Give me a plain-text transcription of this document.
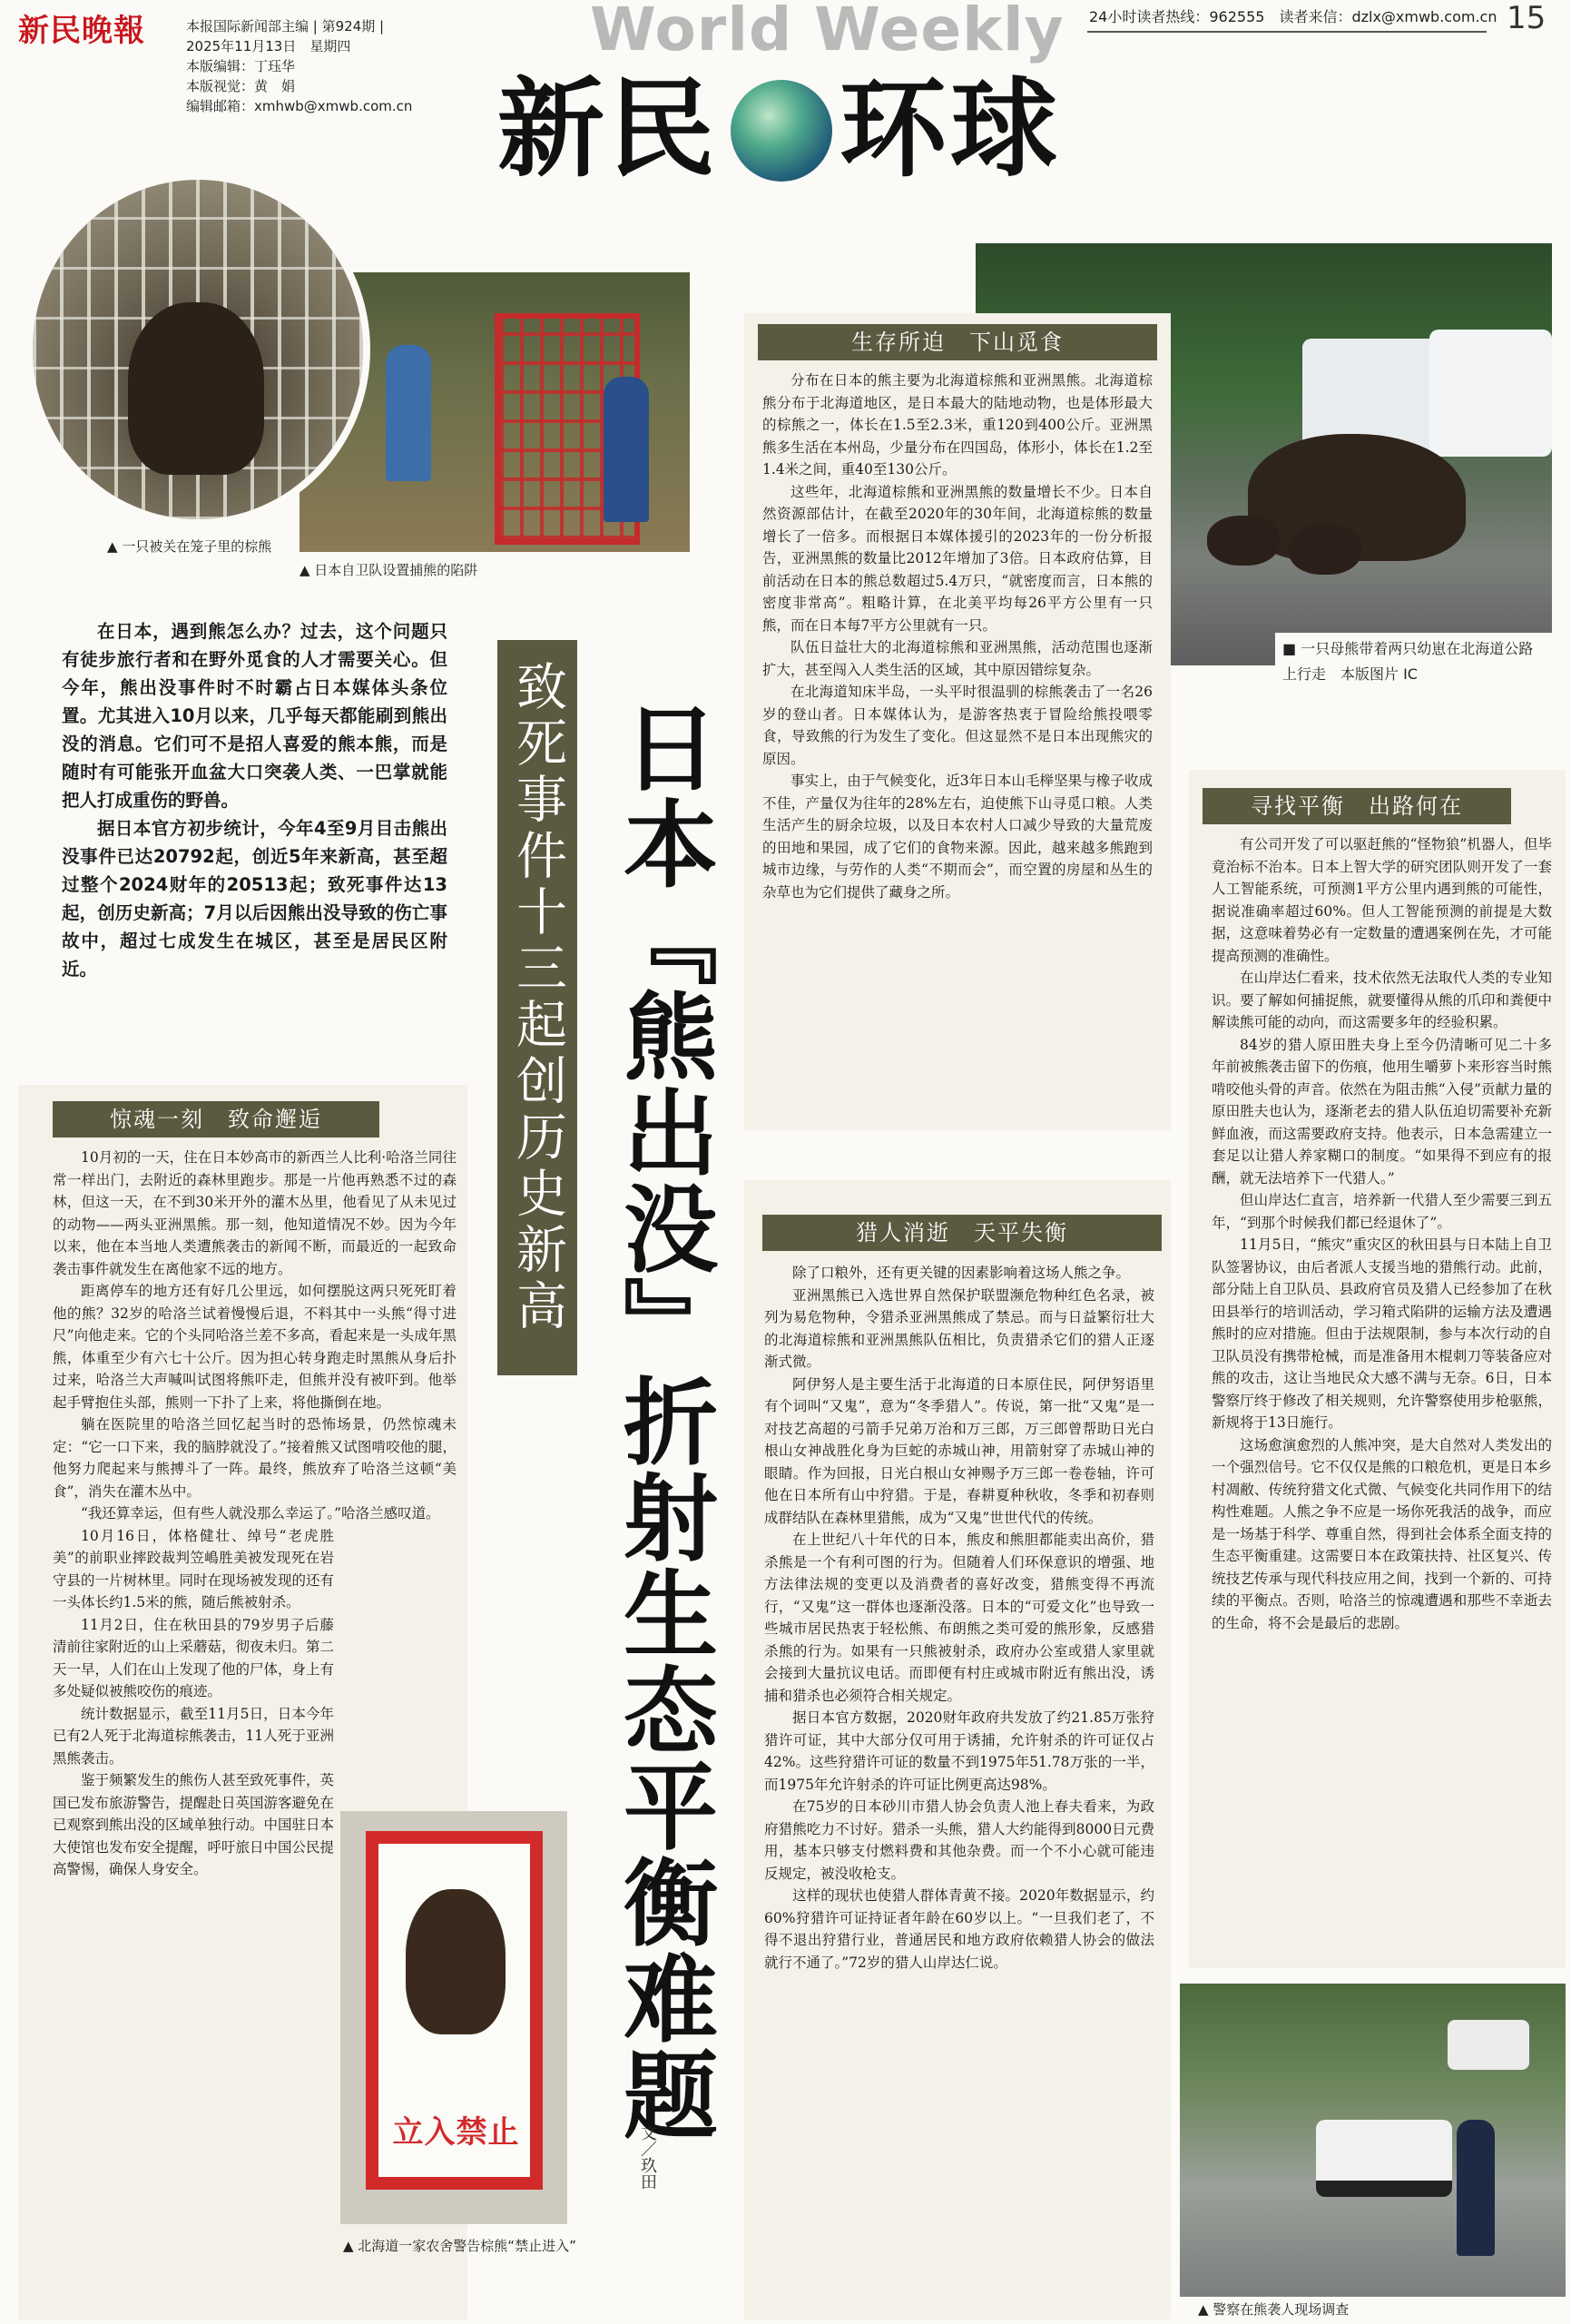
新民晚報	本报国际新闻部主编 | 第924期 |
2025年11月13日　星期四
本版编辑：丁珏华
本版视觉：黄　娟
编辑邮箱：xmhwb@xmwb.com.cn
World Weekly 24小时读者热线：962555　读者来信：dzlx@xmwb.com.cn 15
新民 环球
▲ 一只被关在笼子里的棕熊
▲ 日本自卫队设置捕熊的陷阱
■ 一只母熊带着两只幼崽在北海道公路上行走　本版图片 IC

在日本，遇到熊怎么办？过去，这个问题只有徒步旅行者和在野外觅食的人才需要关心。但今年，熊出没事件时不时霸占日本媒体头条位置。尤其进入10月以来，几乎每天都能刷到熊出没的消息。它们可不是招人喜爱的熊本熊，而是随时有可能张开血盆大口突袭人类、一巴掌就能把人打成重伤的野兽。

据日本官方初步统计，今年4至9月目击熊出没事件已达20792起，创近5年来新高，甚至超过整个2024财年的20513起；致死事件达13起，创历史新高；7月以后因熊出没导致的伤亡事故中，超过七成发生在城区，甚至是居民区附近。	致死事件十三起创历史新高 日本『熊出没』折射生态平衡难题
文／玖田
生存所迫　下山觅食

分布在日本的熊主要为北海道棕熊和亚洲黑熊。北海道棕熊分布于北海道地区，是日本最大的陆地动物，也是体形最大的棕熊之一，体长在1.5至2.3米，重120到400公斤。亚洲黑熊多生活在本州岛，少量分布在四国岛，体形小，体长在1.2至1.4米之间，重40至130公斤。

这些年，北海道棕熊和亚洲黑熊的数量增长不少。日本自然资源部估计，在截至2020年的30年间，北海道棕熊的数量增长了一倍多。而根据日本媒体援引的2023年的一份分析报告，亚洲黑熊的数量比2012年增加了3倍。日本政府估算，目前活动在日本的熊总数超过5.4万只，“就密度而言，日本熊的密度非常高”。粗略计算，在北美平均每26平方公里有一只熊，而在日本每7平方公里就有一只。

队伍日益壮大的北海道棕熊和亚洲黑熊，活动范围也逐渐扩大，甚至闯入人类生活的区域，其中原因错综复杂。

在北海道知床半岛，一头平时很温驯的棕熊袭击了一名26岁的登山者。日本媒体认为，是游客热衷于冒险给熊投喂零食，导致熊的行为发生了变化。但这显然不是日本出现熊灾的原因。

事实上，由于气候变化，近3年日本山毛榉坚果与橡子收成不佳，产量仅为往年的28%左右，迫使熊下山寻觅口粮。人类生活产生的厨余垃圾，以及日本农村人口减少导致的大量荒废的田地和果园，成了它们的食物来源。因此，越来越多熊跑到城市边缘，与劳作的人类“不期而会”，而空置的房屋和丛生的杂草也为它们提供了藏身之所。

惊魂一刻　致命邂逅

10月初的一天，住在日本妙高市的新西兰人比利·哈洛兰同往常一样出门，去附近的森林里跑步。那是一片他再熟悉不过的森林，但这一天，在不到30米开外的灌木丛里，他看见了从未见过的动物——两头亚洲黑熊。那一刻，他知道情况不妙。因为今年以来，他在本当地人类遭熊袭击的新闻不断，而最近的一起致命袭击事件就发生在离他家不远的地方。

距离停车的地方还有好几公里远，如何摆脱这两只死死盯着他的熊？32岁的哈洛兰试着慢慢后退，不料其中一头熊“得寸进尺”向他走来。它的个头同哈洛兰差不多高，看起来是一头成年黑熊，体重至少有六七十公斤。因为担心转身跑走时黑熊从身后扑过来，哈洛兰大声喊叫试图将熊吓走，但熊并没有被吓到。他举起手臂抱住头部，熊则一下扑了上来，将他撕倒在地。

躺在医院里的哈洛兰回忆起当时的恐怖场景，仍然惊魂未定：“它一口下来，我的脑脖就没了。”接着熊又试图啃咬他的腿，他努力爬起来与熊搏斗了一阵。最终，熊放弃了哈洛兰这顿“美食”，消失在灌木丛中。

“我还算幸运，但有些人就没那么幸运了。”哈洛兰感叹道。

10月16日，体格健壮、绰号“老虎胜美”的前职业摔跤裁判笠嶋胜美被发现死在岩守县的一片树林里。同时在现场被发现的还有一头体长约1.5米的熊，随后熊被射杀。

11月2日，住在秋田县的79岁男子后藤清前往家附近的山上采蘑菇，彻夜未归。第二天一早，人们在山上发现了他的尸体，身上有多处疑似被熊咬伤的痕迹。

统计数据显示，截至11月5日，日本今年已有2人死于北海道棕熊袭击，11人死于亚洲黑熊袭击。

鉴于频繁发生的熊伤人甚至致死事件，英国已发布旅游警告，提醒赴日英国游客避免在已观察到熊出没的区域单独行动。中国驻日本大使馆也发布安全提醒，呼吁旅日中国公民提高警惕，确保人身安全。

立入禁止
▲ 北海道一家农舍警告棕熊“禁止进入”
猎人消逝　天平失衡

除了口粮外，还有更关键的因素影响着这场人熊之争。

亚洲黑熊已入选世界自然保护联盟濒危物种红色名录，被列为易危物种，令猎杀亚洲黑熊成了禁忌。而与日益繁衍壮大的北海道棕熊和亚洲黑熊队伍相比，负责猎杀它们的猎人正逐渐式微。

阿伊努人是主要生活于北海道的日本原住民，阿伊努语里有个词叫“又鬼”，意为“冬季猎人”。传说，第一批“又鬼”是一对技艺高超的弓箭手兄弟万治和万三郎，万三郎曾帮助日光白根山女神战胜化身为巨蛇的赤城山神，用箭射穿了赤城山神的眼睛。作为回报，日光白根山女神赐予万三郎一卷卷轴，许可他在日本所有山中狩猎。于是，春耕夏种秋收，冬季和初春则成群结队在森林里猎熊，成为“又鬼”世世代代的传统。

在上世纪八十年代的日本，熊皮和熊胆都能卖出高价，猎杀熊是一个有利可图的行为。但随着人们环保意识的增强、地方法律法规的变更以及消费者的喜好改变，猎熊变得不再流行，“又鬼”这一群体也逐渐没落。日本的“可爱文化”也导致一些城市居民热衷于轻松熊、布朗熊之类可爱的熊形象，反感猎杀熊的行为。如果有一只熊被射杀，政府办公室或猎人家里就会接到大量抗议电话。而即便有村庄或城市附近有熊出没，诱捕和猎杀也必须符合相关规定。

据日本官方数据，2020财年政府共发放了约21.85万张狩猎许可证，其中大部分仅可用于诱捕，允许射杀的许可证仅占42%。这些狩猎许可证的数量不到1975年51.78万张的一半，而1975年允许射杀的许可证比例更高达98%。

在75岁的日本砂川市猎人协会负责人池上春夫看来，为政府猎熊吃力不讨好。猎杀一头熊，猎人大约能得到8000日元费用，基本只够支付燃料费和其他杂费。而一个不小心就可能违反规定，被没收枪支。

这样的现状也使猎人群体青黄不接。2020年数据显示，约60%狩猎许可证持证者年龄在60岁以上。“一旦我们老了，不得不退出狩猎行业，普通居民和地方政府依赖猎人协会的做法就行不通了。”72岁的猎人山岸达仁说。

寻找平衡　出路何在

有公司开发了可以驱赶熊的“怪物狼”机器人，但毕竟治标不治本。日本上智大学的研究团队则开发了一套人工智能系统，可预测1平方公里内遇到熊的可能性，据说准确率超过60%。但人工智能预测的前提是大数据，这意味着势必有一定数量的遭遇案例在先，才可能提高预测的准确性。

在山岸达仁看来，技术依然无法取代人类的专业知识。要了解如何捕捉熊，就要懂得从熊的爪印和粪便中解读熊可能的动向，而这需要多年的经验积累。

84岁的猎人原田胜夫身上至今仍清晰可见二十多年前被熊袭击留下的伤痕，他用生嚼萝卜来形容当时熊啃咬他头骨的声音。依然在为阻击熊“入侵”贡献力量的原田胜夫也认为，逐渐老去的猎人队伍迫切需要补充新鲜血液，而这需要政府支持。他表示，日本急需建立一套足以让猎人养家糊口的制度。“如果得不到应有的报酬，就无法培养下一代猎人。”

但山岸达仁直言，培养新一代猎人至少需要三到五年，“到那个时候我们都已经退休了”。

11月5日，“熊灾”重灾区的秋田县与日本陆上自卫队签署协议，由后者派人支援当地的猎熊行动。此前，部分陆上自卫队员、县政府官员及猎人已经参加了在秋田县举行的培训活动，学习箱式陷阱的运输方法及遭遇熊时的应对措施。但由于法规限制，参与本次行动的自卫队员没有携带枪械，而是准备用木棍刺刀等装备应对熊的攻击，这让当地民众大感不满与无奈。6日，日本警察厅终于修改了相关规则，允许警察使用步枪驱熊，新规将于13日施行。

这场愈演愈烈的人熊冲突，是大自然对人类发出的一个强烈信号。它不仅仅是熊的口粮危机，更是日本乡村凋敝、传统狩猎文化式微、气候变化共同作用下的结构性难题。人熊之争不应是一场你死我活的战争，而应是一场基于科学、尊重自然，得到社会体系全面支持的生态平衡重建。这需要日本在政策扶持、社区复兴、传统技艺传承与现代科技应用之间，找到一个新的、可持续的平衡点。否则，哈洛兰的惊魂遭遇和那些不幸逝去的生命，将不会是最后的悲剧。

▲ 警察在熊袭人现场调查
